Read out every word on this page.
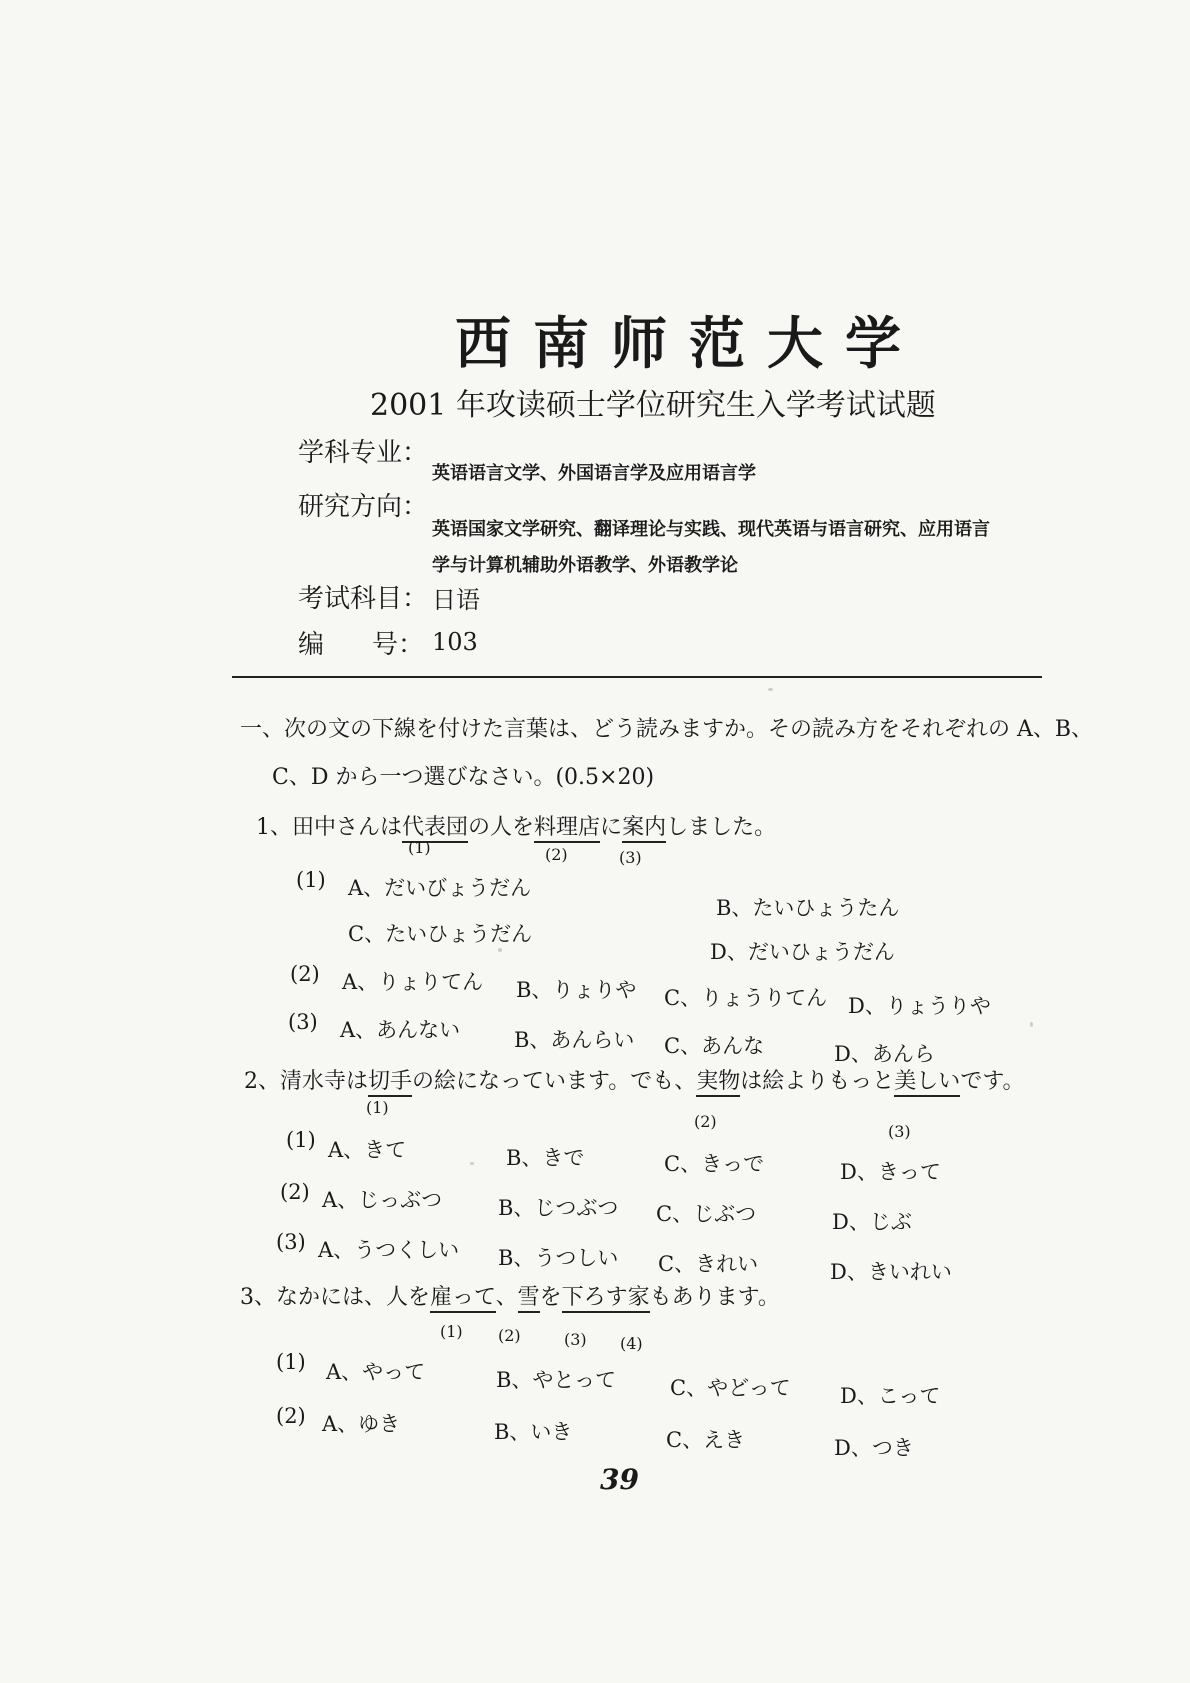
西南师范大学
2001 年攻读硕士学位研究生入学考试试题
学科专业：
英语语言文学、外国语言学及应用语言学
研究方向：
英语国家文学研究、翻译理论与实践、现代英语与语言研究、应用语言
学与计算机辅助外语教学、外语教学论
考试科目： 日语
编 号： 103
一、次の文の下線を付けた言葉は、どう読みますか。その読み方をそれぞれの A、B、
C、D から一つ選びなさい。(0.5×20)
1、田中さんは代表団の人を料理店に案内しました。
(1)	(2)	(3)
(1) A、だいびょうだん
B、たいひょうたん
C、たいひょうだん
D、だいひょうだん
(2) A、りょりてん B、りょりや C、りょうりてん D、りょうりや
(3) A、あんない	B、あんらい C、あんな	D、あんら
2、清水寺は切手の絵になっています。でも、実物は絵よりもっと美しいです。
(1)
(2)
(3)
(1) A、きて	B、きで	C、きっで	D、きって
(2) A、じっぶつ	B、じつぶつ C、じぶつ	D、じぶ
(3) A、うつくしい B、うつしい C、きれい	D、きいれい
3、なかには、人を雇って、雪を下ろす家もあります。
(1) (2)	(3) (4)
(1) A、やって	B、やとって	C、やどって D、こって
(2) A、ゆき	B、いき	C、えき	D、つき
39
